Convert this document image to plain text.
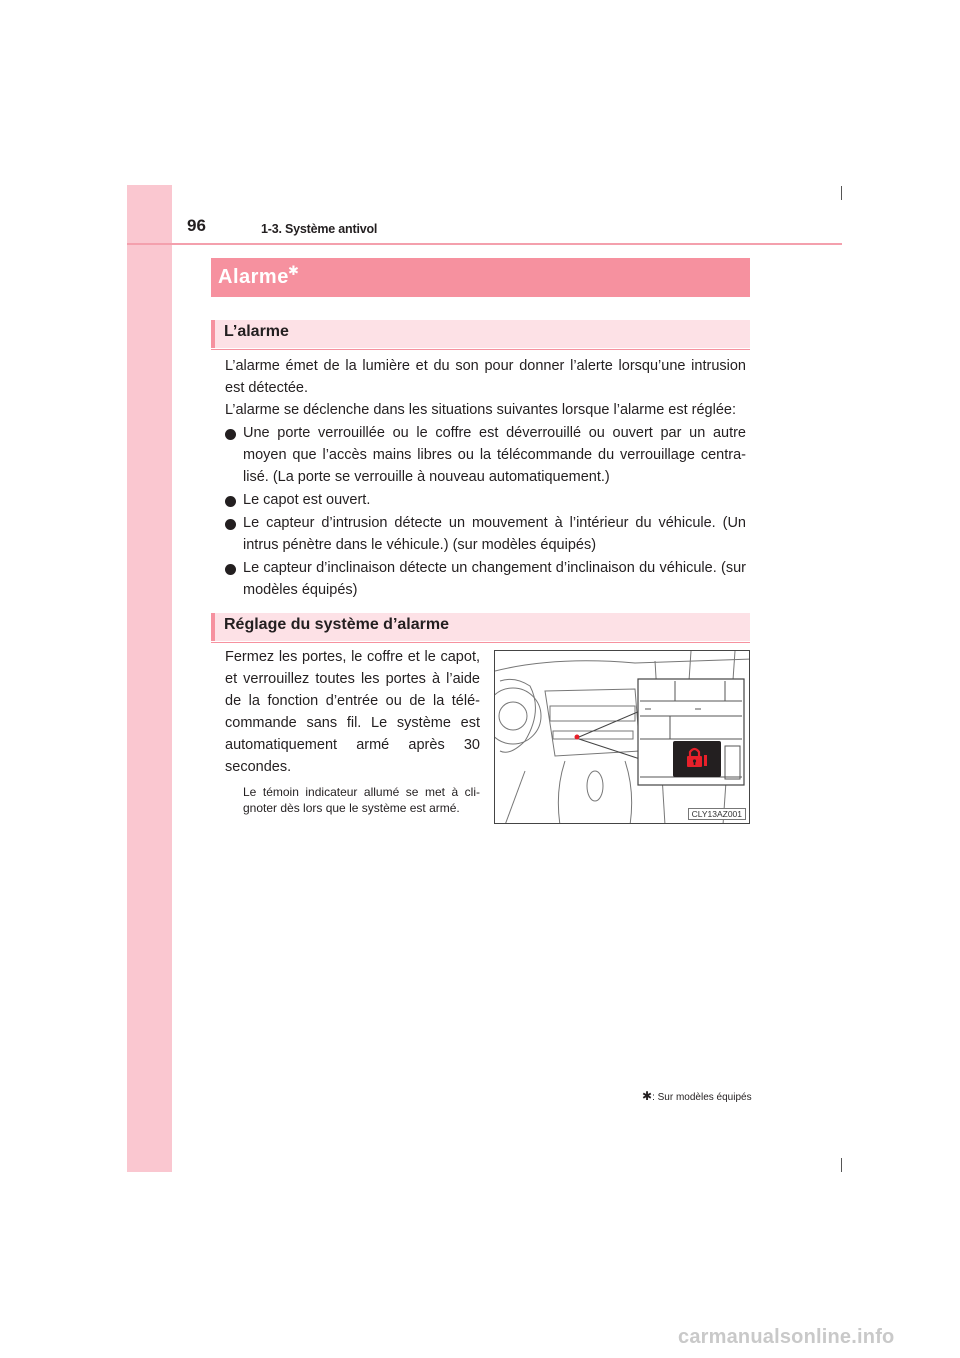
96	1-3. Système antivol
Alarme ✱
L’alarme
L’alarme émet de la lumière et du son pour donner l’alerte lorsqu’une intrusion est détectée.
L’alarme se déclenche dans les situations suivantes lorsque l’alarme est réglée:
Une porte verrouillée ou le coffre est déverrouillé ou ouvert par un autre moyen que l’accès mains libres ou la télécommande du verrouillage centra-lisé. (La porte se verrouille à nouveau automatiquement.)
Le capot est ouvert.
Le capteur d’intrusion détecte un mouvement à l’intérieur du véhicule. (Un intrus pénètre dans le véhicule.) (sur modèles équipés)
Le capteur d’inclinaison détecte un changement d’inclinaison du véhicule. (sur modèles équipés)
Réglage du système d’alarme
Fermez les portes, le coffre et le capot, et verrouillez toutes les portes à l’aide de la fonction d’entrée ou de la télé-commande sans fil. Le système est automatiquement armé après 30 secondes.
Le témoin indicateur allumé se met à cli-gnoter dès lors que le système est armé.	CLY13AZ001
✱: Sur modèles équipés
carmanualsonline.info
